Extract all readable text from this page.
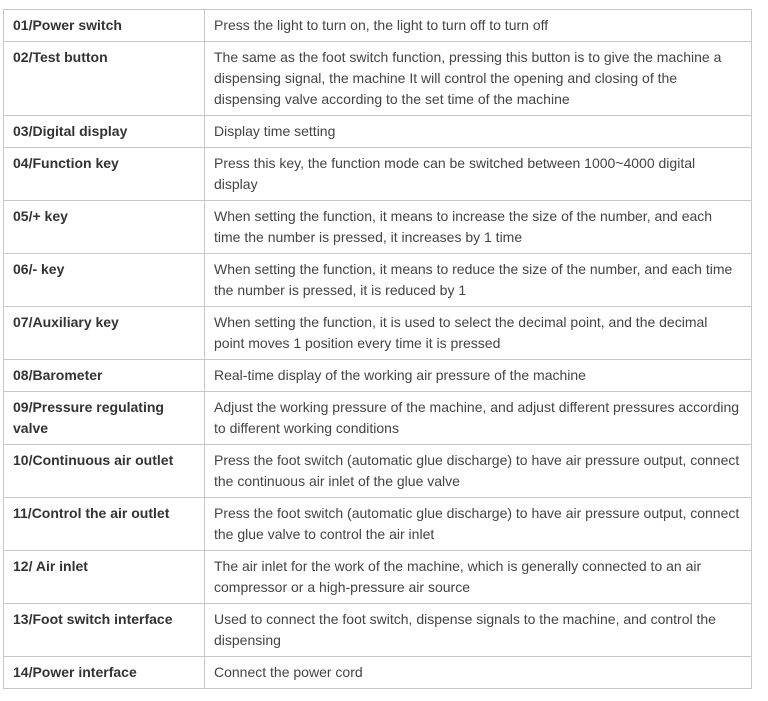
01/Power switch	Press the light to turn on, the light to turn off to turn off
02/Test button	The same as the foot switch function, pressing this button is to give the machine a dispensing signal, the machine It will control the opening and closing of the dispensing valve according to the set time of the machine
03/Digital display	Display time setting
04/Function key	Press this key, the function mode can be switched between 1000~4000 digital display
05/+ key	When setting the function, it means to increase the size of the number, and each time the number is pressed, it increases by 1 time
06/- key	When setting the function, it means to reduce the size of the number, and each time the number is pressed, it is reduced by 1
07/Auxiliary key	When setting the function, it is used to select the decimal point, and the decimal point moves 1 position every time it is pressed
08/Barometer	Real-time display of the working air pressure of the machine
09/Pressure regulating valve	Adjust the working pressure of the machine, and adjust different pressures according to different working conditions
10/Continuous air outlet	Press the foot switch (automatic glue discharge) to have air pressure output, connect the continuous air inlet of the glue valve
11/Control the air outlet	Press the foot switch (automatic glue discharge) to have air pressure output, connect the glue valve to control the air inlet
12/ Air inlet	The air inlet for the work of the machine, which is generally connected to an air compressor or a high-pressure air source
13/Foot switch interface	Used to connect the foot switch, dispense signals to the machine, and control the dispensing
14/Power interface	Connect the power cord
